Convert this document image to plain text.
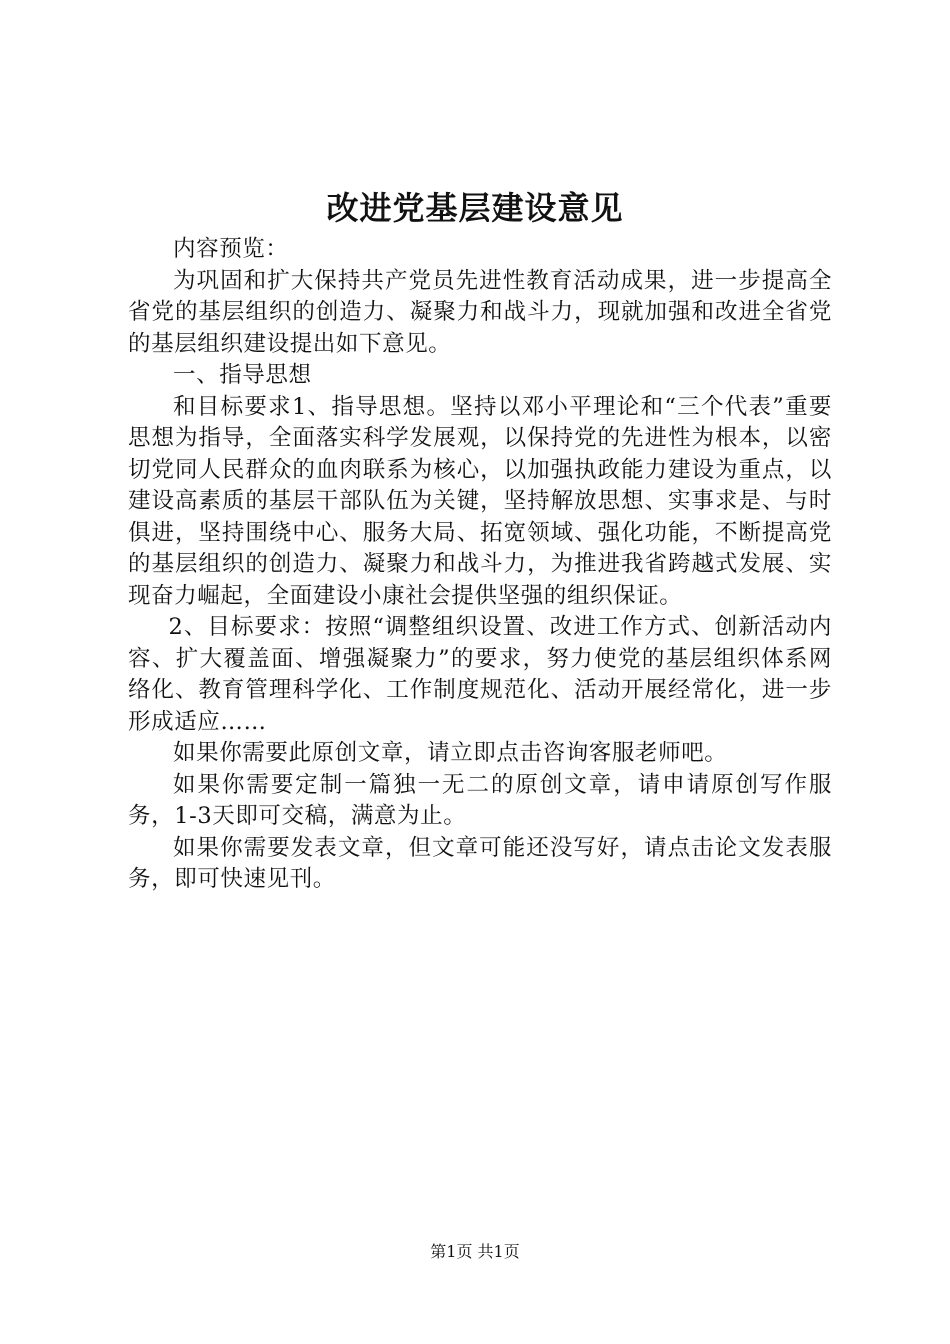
改进党基层建设意见

内容预览：

为巩固和扩大保持共产党员先进性教育活动成果，进一步提高全省党的基层组织的创造力、凝聚力和战斗力，现就加强和改进全省党的基层组织建设提出如下意见。

一、指导思想

和目标要求1、指导思想。坚持以邓小平理论和“三个代表”重要思想为指导，全面落实科学发展观，以保持党的先进性为根本，以密切党同人民群众的血肉联系为核心，以加强执政能力建设为重点，以建设高素质的基层干部队伍为关键，坚持解放思想、实事求是、与时俱进，坚持围绕中心、服务大局、拓宽领域、强化功能，不断提高党的基层组织的创造力、凝聚力和战斗力，为推进我省跨越式发展、实现奋力崛起，全面建设小康社会提供坚强的组织保证。

2、目标要求：按照“调整组织设置、改进工作方式、创新活动内容、扩大覆盖面、增强凝聚力”的要求，努力使党的基层组织体系网络化、教育管理科学化、工作制度规范化、活动开展经常化，进一步形成适应……

如果你需要此原创文章，请立即点击咨询客服老师吧。

如果你需要定制一篇独一无二的原创文章，请申请原创写作服务，1-3天即可交稿，满意为止。

如果你需要发表文章，但文章可能还没写好，请点击论文发表服务，即可快速见刊。

第1页 共1页
